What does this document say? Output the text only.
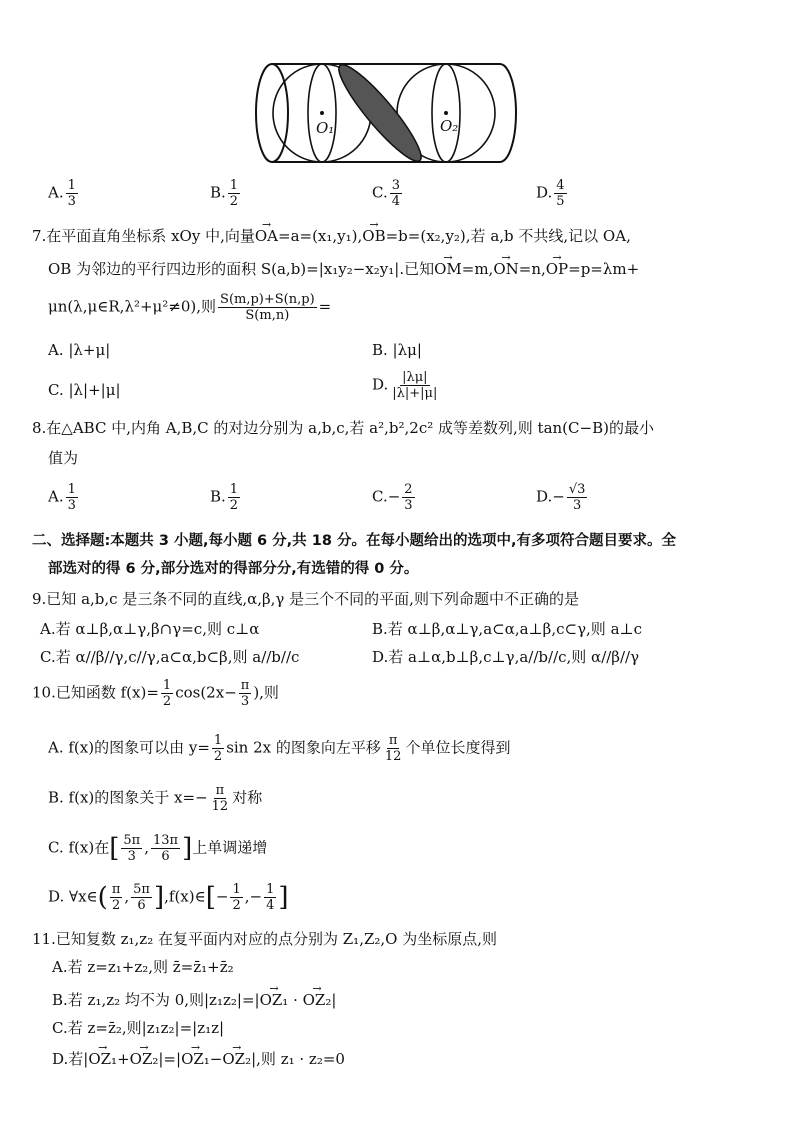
O₁	O₂
A. $\frac{1}{3}$	B. $\frac{1}{2}$	C. $\frac{3}{4}$	D. $\frac{4}{5}$
7.在平面直角坐标系 xOy 中,向量→ OA=a=(x₁,y₁),→ OB=b=(x₂,y₂),若 a,b 不共线,记以 OA,
OB 为邻边的平行四边形的面积 S(a,b)=|x₁y₂−x₂y₁|.已知→ OM=m,→ ON=n,→ OP=p=λm+
μn(λ,μ∈R,λ²+μ²≠0),则 $\frac{S(m,p)+S(n,p)}{S(m,n)}$ =
A. |λ+μ|	B. |λμ|
C. |λ|+|μ|	D. $\frac{|\lambda\mu|}{|\lambda|+|\mu|}$
8.在△ABC 中,内角 A,B,C 的对边分别为 a,b,c,若 a²,b²,2c² 成等差数列,则 tan(C−B)的最小
值为
A. $\frac{1}{3}$	B. $\frac{1}{2}$	$C.- \frac{2}{3}$	$D.- \frac{√3}{3}$
二、选择题:本题共 3 小题,每小题 6 分,共 18 分。在每小题给出的选项中,有多项符合题目要求。全
部选对的得 6 分,部分选对的得部分分,有选错的得 0 分。
9.已知 a,b,c 是三条不同的直线,α,β,γ 是三个不同的平面,则下列命题中不正确的是
A.若 α⊥β,α⊥γ,β∩γ=c,则 c⊥α	B.若 α⊥β,α⊥γ,a⊂α,a⊥β,c⊂γ,则 a⊥c
C.若 α//β//γ,c//γ,a⊂α,b⊂β,则 a//b//c	D.若 a⊥α,b⊥β,c⊥γ,a//b//c,则 α//β//γ
10.已知函数 $f(x)= \frac{1}{2} \cos(2x- \frac{\pi}{3}$ ),则
A. f(x)的图象可以由 $y= \frac{1}{2}$ sin 2x 的图象向左平移 $\frac{\pi}{12}$ 个单位长度得到
B. f(x)的图象关于 $x=- \frac{\pi}{12}$ 对称
C. f(x)在[ $\frac{5\pi}{3}$ , $\frac{13\pi}{6}$ ]上单调递增
D. ∀x∈( $\frac{\pi}{2}$ , $\frac{5\pi}{6}$ ],f(x)∈[− $\frac{1}{2}$ ,− $\frac{1}{4}$ ]
11.已知复数 z₁,z₂ 在复平面内对应的点分别为 Z₁,Z₂,O 为坐标原点,则
A.若 z=z₁+z₂,则 z̄=z̄₁+z̄₂
B.若 z₁,z₂ 均不为 0,则|z₁z₂|=|→ OZ₁ · → OZ₂|
C.若 z=z̄₂,则|z₁z₂|=|z₁z|
D.若|→ OZ₁+→ OZ₂|=|→ OZ₁−→ OZ₂|,则 z₁ · z₂=0
